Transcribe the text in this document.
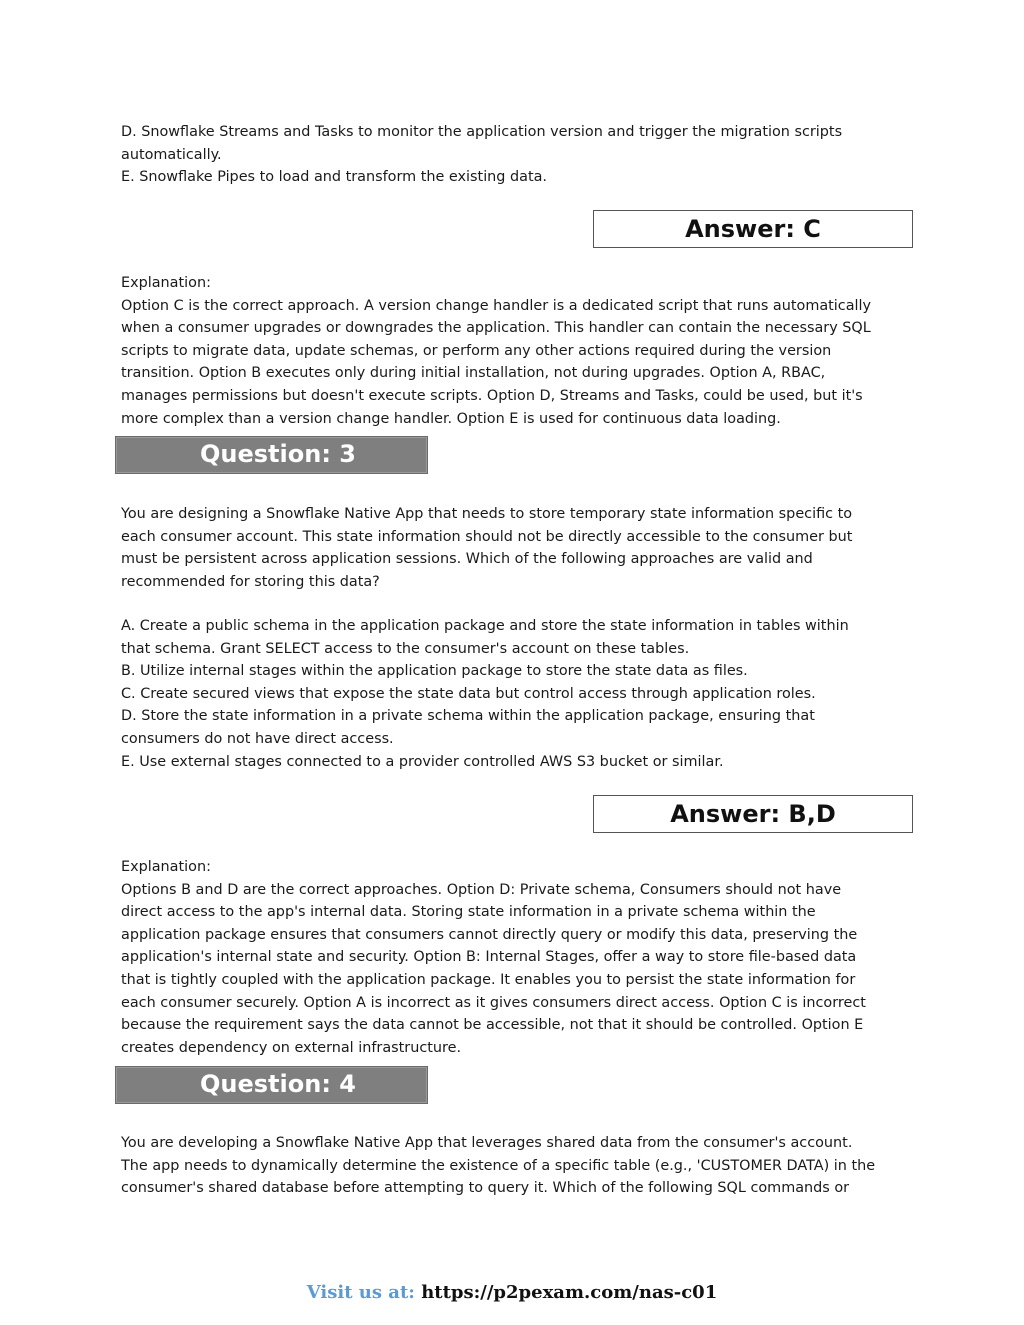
D. Snowflake Streams and Tasks to monitor the application version and trigger the migration scripts

automatically.

E. Snowflake Pipes to load and transform the existing data.

Answer: C

Explanation:

Option C is the correct approach. A version change handler is a dedicated script that runs automatically

when a consumer upgrades or downgrades the application. This handler can contain the necessary SQL

scripts to migrate data, update schemas, or perform any other actions required during the version

transition. Option B executes only during initial installation, not during upgrades. Option A, RBAC,

manages permissions but doesn't execute scripts. Option D, Streams and Tasks, could be used, but it's

more complex than a version change handler. Option E is used for continuous data loading.

Question: 3

You are designing a Snowflake Native App that needs to store temporary state information specific to

each consumer account. This state information should not be directly accessible to the consumer but

must be persistent across application sessions. Which of the following approaches are valid and

recommended for storing this data?

A. Create a public schema in the application package and store the state information in tables within

that schema. Grant SELECT access to the consumer's account on these tables.

B. Utilize internal stages within the application package to store the state data as files.

C. Create secured views that expose the state data but control access through application roles.

D. Store the state information in a private schema within the application package, ensuring that

consumers do not have direct access.

E. Use external stages connected to a provider controlled AWS S3 bucket or similar.

Answer: B,D

Explanation:

Options B and D are the correct approaches. Option D: Private schema, Consumers should not have

direct access to the app's internal data. Storing state information in a private schema within the

application package ensures that consumers cannot directly query or modify this data, preserving the

application's internal state and security. Option B: Internal Stages, offer a way to store file-based data

that is tightly coupled with the application package. It enables you to persist the state information for

each consumer securely. Option A is incorrect as it gives consumers direct access. Option C is incorrect

because the requirement says the data cannot be accessible, not that it should be controlled. Option E

creates dependency on external infrastructure.

Question: 4

You are developing a Snowflake Native App that leverages shared data from the consumer's account.

The app needs to dynamically determine the existence of a specific table (e.g., 'CUSTOMER DATA) in the

consumer's shared database before attempting to query it. Which of the following SQL commands or

Visit us at: https://p2pexam.com/nas-c01
